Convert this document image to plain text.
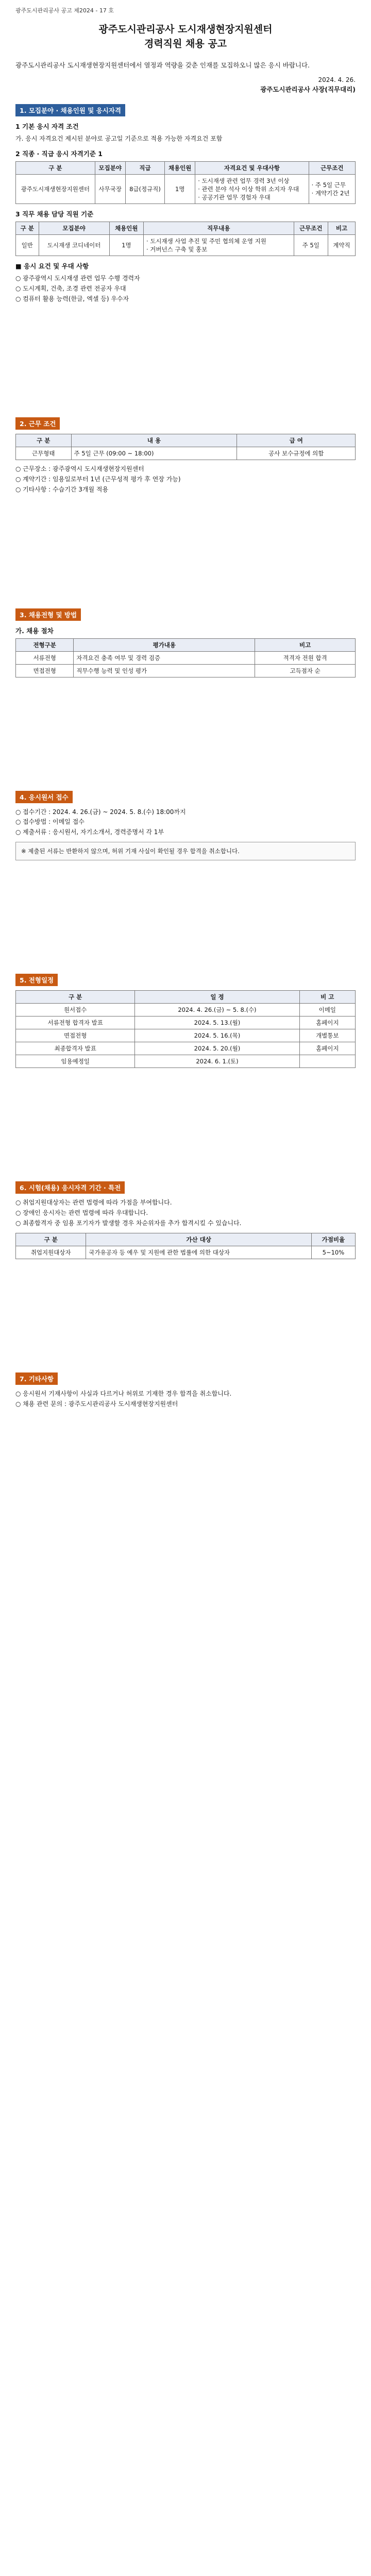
광주도시관리공사 공고 제2024 - 17 호
광주도시관리공사 도시재생현장지원센터
경력직원 채용 공고

광주도시관리공사 도시재생현장지원센터에서 열정과 역량을 갖춘 인재를 모집하오니 많은 응시 바랍니다.

2024. 4. 26.
광주도시관리공사 사장(직무대리)
1. 모집분야 · 채용인원 및 응시자격
1 기본 응시 자격 조건
가. 응시 자격요건 제시된 분야로 공고일 기준으로 적용 가능한 자격요건 포함
2 직종 · 직급 응시 자격기준 1
구 분	모집분야	직급	채용인원	자격요건 및 우대사항	근무조건
광주도시재생현장지원센터	사무국장	8급(정규직)	1명	· 도시재생 관련 업무 경력 3년 이상
· 관련 분야 석사 이상 학위 소지자 우대
· 공공기관 업무 경험자 우대	· 주 5일 근무
· 계약기간 2년
3 직무 채용 담당 직원 기준
구 분	모집분야	채용인원	직무내용	근무조건	비고
일반	도시재생 코디네이터	1명	· 도시재생 사업 추진 및 주민 협의체 운영 지원
· 거버넌스 구축 및 홍보	주 5일	계약직
■ 응시 요건 및 우대 사항
○ 광주광역시 도시재생 관련 업무 수행 경력자
○ 도시계획, 건축, 조경 관련 전공자 우대
○ 컴퓨터 활용 능력(한글, 엑셀 등) 우수자
2. 근무 조건
구 분	내 용	급 여
근무형태	주 5일 근무 (09:00 ~ 18:00)	공사 보수규정에 의함
○ 근무장소 : 광주광역시 도시재생현장지원센터
○ 계약기간 : 임용일로부터 1년 (근무성적 평가 후 연장 가능)
○ 기타사항 : 수습기간 3개월 적용
3. 채용전형 및 방법
가. 채용 절차
전형구분	평가내용	비고
서류전형	자격요건 충족 여부 및 경력 검증	적격자 전원 합격
면접전형	직무수행 능력 및 인성 평가	고득점자 순
4. 응시원서 접수
○ 접수기간 : 2024. 4. 26.(금) ~ 2024. 5. 8.(수) 18:00까지
○ 접수방법 : 이메일 접수
○ 제출서류 : 응시원서, 자기소개서, 경력증명서 각 1부
※ 제출된 서류는 반환하지 않으며, 허위 기재 사실이 확인될 경우 합격을 취소합니다.
5. 전형일정
구 분	일 정	비 고
원서접수	2024. 4. 26.(금) ~ 5. 8.(수)	이메일
서류전형 합격자 발표	2024. 5. 13.(월)	홈페이지
면접전형	2024. 5. 16.(목)	개별통보
최종합격자 발표	2024. 5. 20.(월)	홈페이지
임용예정일	2024. 6. 1.(토)	
6. 시험(채용) 응시자격 기간 · 특전
○ 취업지원대상자는 관련 법령에 따라 가점을 부여합니다.
○ 장애인 응시자는 관련 법령에 따라 우대합니다.
○ 최종합격자 중 임용 포기자가 발생할 경우 차순위자를 추가 합격시킬 수 있습니다.
구 분	가산 대상	가점비율
취업지원대상자	국가유공자 등 예우 및 지원에 관한 법률에 의한 대상자	5~10%
7. 기타사항
○ 응시원서 기재사항이 사실과 다르거나 허위로 기재한 경우 합격을 취소합니다.
○ 채용 관련 문의 : 광주도시관리공사 도시재생현장지원센터
